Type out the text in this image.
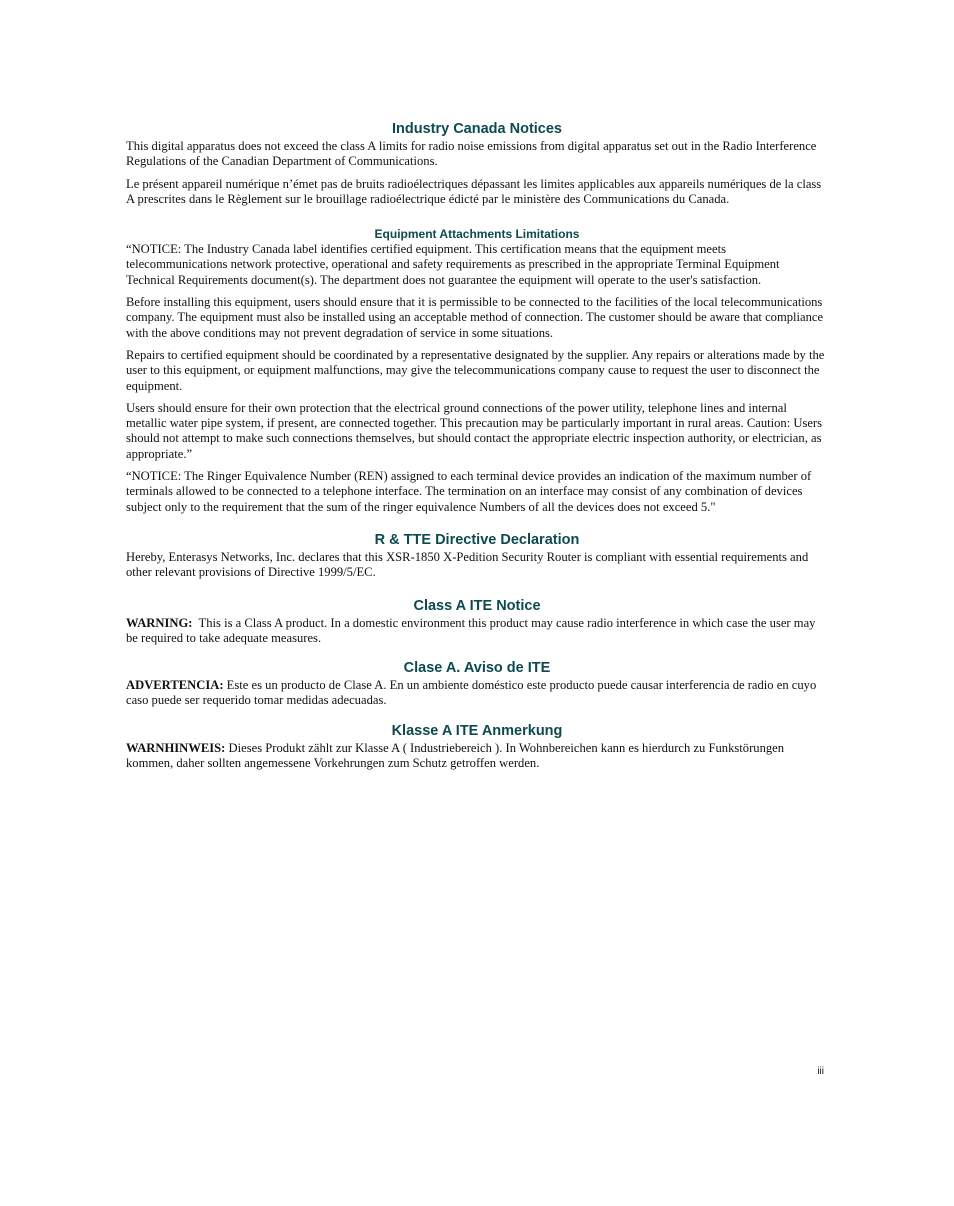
Industry Canada Notices

This digital apparatus does not exceed the class A limits for radio noise emissions from digital apparatus set out in the Radio Interference Regulations of the Canadian Department of Communications.

Le présent appareil numérique n’émet pas de bruits radioélectriques dépassant les limites applicables aux appareils numériques de la class A prescrites dans le Règlement sur le brouillage radioélectrique édicté par le ministère des Communications du Canada.

Equipment Attachments Limitations

“NOTICE: The Industry Canada label identifies certified equipment. This certification means that the equipment meets telecommunications network protective, operational and safety requirements as prescribed in the appropriate Terminal Equipment Technical Requirements document(s). The department does not guarantee the equipment will operate to the user's satisfaction.

Before installing this equipment, users should ensure that it is permissible to be connected to the facilities of the local telecommunications company. The equipment must also be installed using an acceptable method of connection. The customer should be aware that compliance with the above conditions may not prevent degradation of service in some situations.

Repairs to certified equipment should be coordinated by a representative designated by the supplier. Any repairs or alterations made by the user to this equipment, or equipment malfunctions, may give the telecommunications company cause to request the user to disconnect the equipment.

Users should ensure for their own protection that the electrical ground connections of the power utility, telephone lines and internal metallic water pipe system, if present, are connected together. This precaution may be particularly important in rural areas. Caution: Users should not attempt to make such connections themselves, but should contact the appropriate electric inspection authority, or electrician, as appropriate.”

“NOTICE: The Ringer Equivalence Number (REN) assigned to each terminal device provides an indication of the maximum number of terminals allowed to be connected to a telephone interface. The termination on an interface may consist of any combination of devices subject only to the requirement that the sum of the ringer equivalence Numbers of all the devices does not exceed 5."

R & TTE Directive Declaration

Hereby, Enterasys Networks, Inc. declares that this XSR-1850 X-Pedition Security Router is compliant with essential requirements and other relevant provisions of Directive 1999/5/EC.

Class A ITE Notice

WARNING: This is a Class A product. In a domestic environment this product may cause radio interference in which case the user may be required to take adequate measures.

Clase A. Aviso de ITE

ADVERTENCIA: Este es un producto de Clase A. En un ambiente doméstico este producto puede causar interferencia de radio en cuyo caso puede ser requerido tomar medidas adecuadas.

Klasse A ITE Anmerkung

WARNHINWEIS: Dieses Produkt zählt zur Klasse A ( Industriebereich ). In Wohnbereichen kann es hierdurch zu Funkstörungen kommen, daher sollten angemessene Vorkehrungen zum Schutz getroffen werden.

iii
